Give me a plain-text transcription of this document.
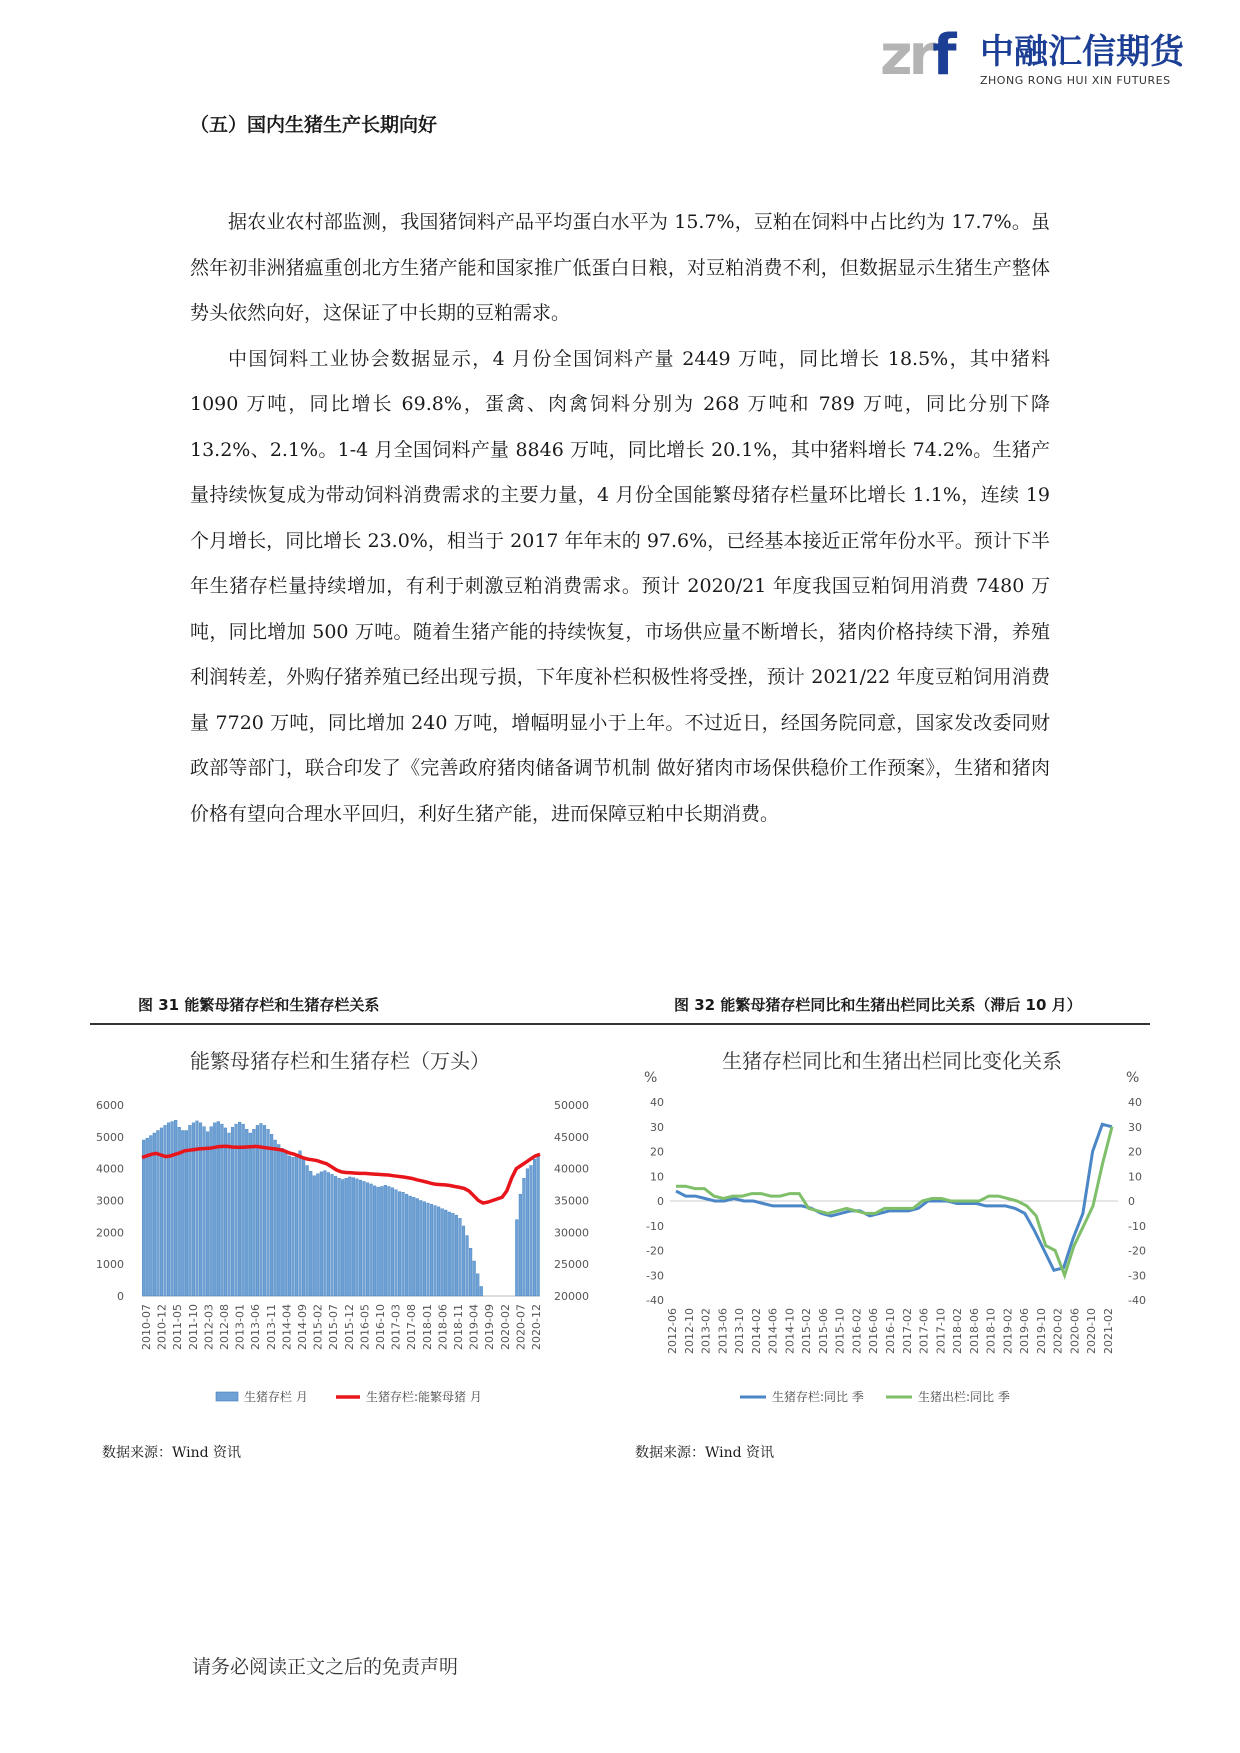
zrf 中融汇信期货
ZHONG RONG HUI XIN FUTURES
（五）国内生猪生产长期向好

据农业农村部监测，我国猪饲料产品平均蛋白水平为 15.7%，豆粕在饲料中占比约为 17.7%。虽然年初非洲猪瘟重创北方生猪产能和国家推广低蛋白日粮，对豆粕消费不利，但数据显示生猪生产整体势头依然向好，这保证了中长期的豆粕需求。

中国饲料工业协会数据显示，4 月份全国饲料产量 2449 万吨，同比增长 18.5%，其中猪料 1090 万吨，同比增长 69.8%，蛋禽、肉禽饲料分别为 268 万吨和 789 万吨，同比分别下降 13.2%、2.1%。1-4 月全国饲料产量 8846 万吨，同比增长 20.1%，其中猪料增长 74.2%。生猪产量持续恢复成为带动饲料消费需求的主要力量，4 月份全国能繁母猪存栏量环比增长 1.1%，连续 19 个月增长，同比增长 23.0%，相当于 2017 年年末的 97.6%，已经基本接近正常年份水平。预计下半年生猪存栏量持续增加，有利于刺激豆粕消费需求。预计 2020/21 年度我国豆粕饲用消费 7480 万吨，同比增加 500 万吨。随着生猪产能的持续恢复，市场供应量不断增长，猪肉价格持续下滑，养殖利润转差，外购仔猪养殖已经出现亏损，下年度补栏积极性将受挫，预计 2021/22 年度豆粕饲用消费量 7720 万吨，同比增加 240 万吨，增幅明显小于上年。不过近日，经国务院同意，国家发改委同财政部等部门，联合印发了《完善政府猪肉储备调节机制 做好猪肉市场保供稳价工作预案》，生猪和猪肉价格有望向合理水平回归，利好生猪产能，进而保障豆粕中长期消费。

图 31 能繁母猪存栏和生猪存栏关系	图 32 能繁母猪存栏同比和生猪出栏同比关系（滞后 10 月）
能繁母猪存栏和生猪存栏（万头）
0
1000
2000
3000
4000
5000
6000
20000
25000
30000
35000
40000
45000
50000
2010-07 2010-12 2011-05 2011-10 2012-03 2012-08 2013-01 2013-06 2013-11 2014-04 2014-09 2015-02 2015-07 2015-12 2016-05 2016-10 2017-03 2017-08 2018-01 2018-06 2018-11 2019-04 2019-09 2020-02 2020-07 2020-12
生猪存栏 月	生猪存栏:能繁母猪 月
生猪存栏同比和生猪出栏同比变化关系
%	%
-40	-40
-30	-30
-20	-20
-10	-10
0	0
10	10
20	20
30	30
40	40
2012-06 2012-10 2013-02 2013-06 2013-10 2014-02 2014-06 2014-10 2015-02 2015-06 2015-10 2016-02 2016-06 2016-10 2017-02 2017-06 2017-10 2018-02 2018-06 2018-10 2019-02 2019-06 2019-10 2020-02 2020-06 2020-10 2021-02
生猪存栏:同比 季	生猪出栏:同比 季
数据来源：Wind 资讯	数据来源：Wind 资讯
请务必阅读正文之后的免责声明
